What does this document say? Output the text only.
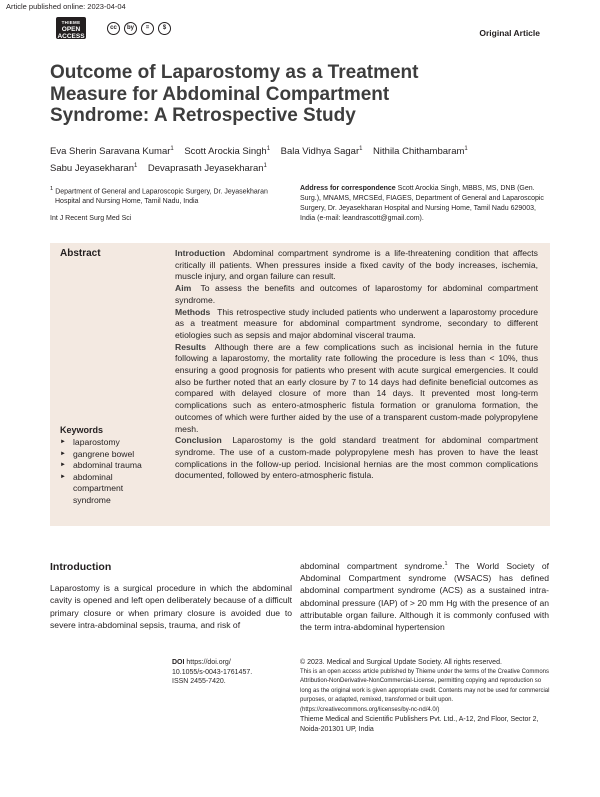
Article published online: 2023-04-04
THIEME
OPEN
ACCESS
cc	by	=	$	Original Article
Outcome of Laparostomy as a Treatment
Measure for Abdominal Compartment
Syndrome: A Retrospective Study
Eva Sherin Saravana Kumar$^1$ Scott Arockia Singh$^1$ Bala Vidhya Sagar$^1$ Nithila Chithambaram$^1$
Sabu Jeyasekharan$^1$ Devaprasath Jeyasekharan$^1$
$^1$ Department of General and Laparoscopic Surgery, Dr. Jeyasekharan
Hospital and Nursing Home, Tamil Nadu, India
Int J Recent Surg Med Sci
Address for correspondence Scott Arockia Singh, MBBS, MS, DNB (Gen. Surg.), MNAMS, MRCSEd, FIAGES, Department of General and Laparoscopic Surgery, Dr. Jeyasekharan Hospital and Nursing Home, Tamil Nadu 629003, India (e-mail: leandrascott@gmail.com).
Abstract	Introduction Abdominal compartment syndrome is a life-threatening condition that affects critically ill patients. When pressures inside a fixed cavity of the body increases, ischemia, muscle injury, and organ failure can result.

Aim To assess the benefits and outcomes of laparostomy for abdominal compartment syndrome.

Methods This retrospective study included patients who underwent a laparostomy procedure as a treatment measure for abdominal compartment syndrome, secondary to different etiologies such as sepsis and major abdominal visceral trauma.

Results Although there are a few complications such as incisional hernia in the future following a laparostomy, the mortality rate following the procedure is less than < 10%, thus ensuring a good prognosis for patients who present with acute surgical emergencies. It could also be further noted that an early closure by 7 to 14 days had definite beneficial outcomes as compared with delayed closure of more than 14 days. It prevented most long-term complications such as entero-atmospheric fistula formation or granuloma formation, the outcomes of which were further aided by the use of a transparent custom-made polypropylene mesh.

Conclusion Laparostomy is the gold standard treatment for abdominal compartment syndrome. The use of a custom-made polypropylene mesh has proven to have the least complications in the follow-up period. Incisional hernias are the most common complications documented, followed by entero-atmospheric fistula.

Keywords
► laparostomy
► gangrene bowel
► abdominal trauma
► abdominal compartment syndrome
Introduction
Laparostomy is a surgical procedure in which the abdominal cavity is opened and left open deliberately because of a difficult primary closure or when primary closure is avoided due to severe intra-abdominal sepsis, trauma, and risk of
abdominal compartment syndrome.$^1$ The World Society of Abdominal Compartment syndrome (WSACS) has defined abdominal compartment syndrome (ACS) as a sustained intra-abdominal pressure (IAP) of > 20 mm Hg with the presence of an attributable organ failure. Although it is commonly confused with the term intra-abdominal hypertension
DOI https://doi.org/
10.1055/s-0043-1761457.
ISSN 2455-7420.
© 2023. Medical and Surgical Update Society. All rights reserved.
This is an open access article published by Thieme under the terms of the Creative Commons Attribution-NonDerivative-NonCommercial-License, permitting copying and reproduction so long as the original work is given appropriate credit. Contents may not be used for commercial purposes, or adapted, remixed, transformed or built upon. (https://creativecommons.org/licenses/by-nc-nd/4.0/)
Thieme Medical and Scientific Publishers Pvt. Ltd., A-12, 2nd Floor, Sector 2, Noida-201301 UP, India
